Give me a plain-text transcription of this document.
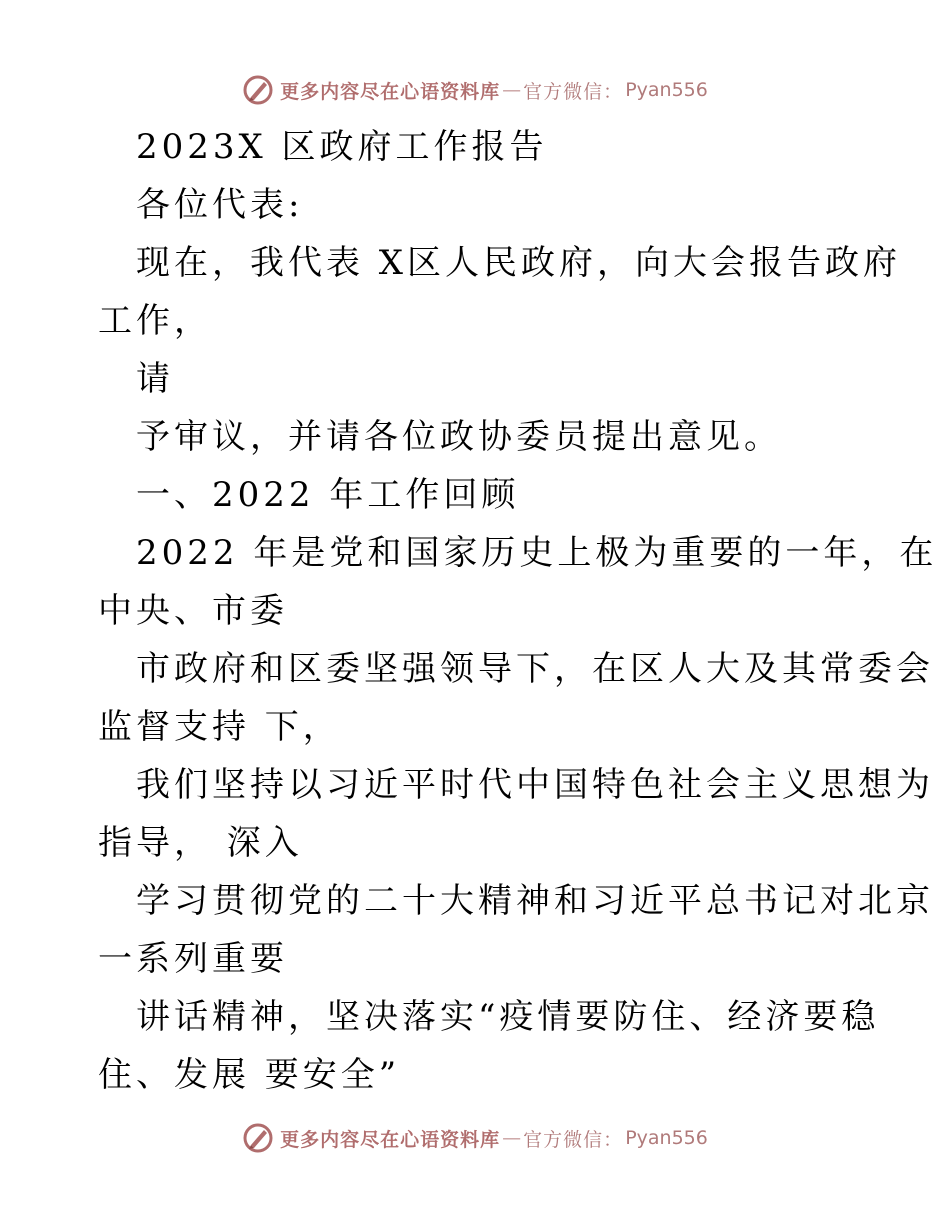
更多内容尽在心语资料库 — 官方微信： Pyan556
2023X 区政府工作报告
各位代表:
现在，我代表 X区人民政府，向大会报告政府
工作，
请
予审议，并请各位政协委员提出意见。
一、2022 年工作回顾
2022 年是党和国家历史上极为重要的一年，在
中央、市委
市政府和区委坚强领导下，在区人大及其常委会
监督支持 下，
我们坚持以习近平时代中国特色社会主义思想为
指导， 深入
学习贯彻党的二十大精神和习近平总书记对北京
一系列重要
讲话精神，坚决落实“疫情要防住、经济要稳
住、发展 要安全”
更多内容尽在心语资料库 — 官方微信： Pyan556
